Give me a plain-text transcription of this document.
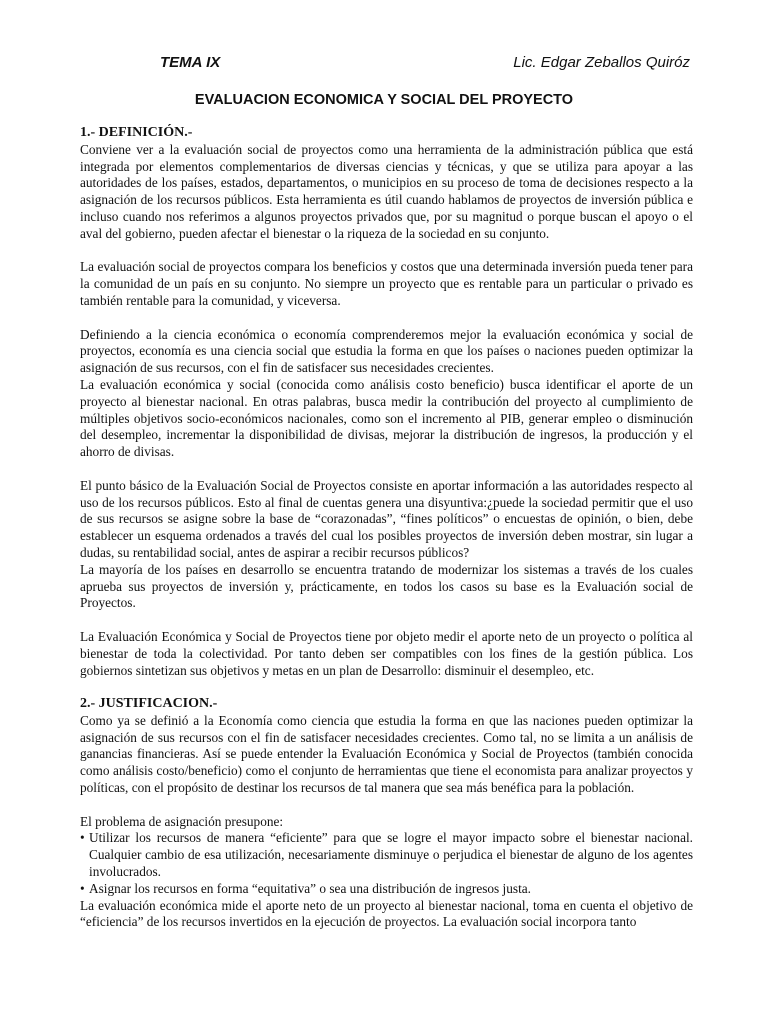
TEMA IX	Lic. Edgar Zeballos Quiróz
EVALUACION ECONOMICA Y SOCIAL DEL PROYECTO

1.- DEFINICIÓN.-

Conviene ver a la evaluación social de proyectos como una herramienta de la administración pública que está integrada por elementos complementarios de diversas ciencias y técnicas, y que se utiliza para apoyar a las autoridades de los países, estados, departamentos, o municipios en su proceso de toma de decisiones respecto a la asignación de los recursos públicos. Esta herramienta es útil cuando hablamos de proyectos de inversión pública e incluso cuando nos referimos a algunos proyectos privados que, por su magnitud o porque buscan el apoyo o el aval del gobierno, pueden afectar el bienestar o la riqueza de la sociedad en su conjunto.

La evaluación social de proyectos compara los beneficios y costos que una determinada inversión pueda tener para la comunidad de un país en su conjunto. No siempre un proyecto que es rentable para un particular o privado es también rentable para la comunidad, y viceversa.

Definiendo a la ciencia económica o economía comprenderemos mejor la evaluación económica y social de proyectos, economía es una ciencia social que estudia la forma en que los países o naciones pueden optimizar la asignación de sus recursos, con el fin de satisfacer sus necesidades crecientes.

La evaluación económica y social (conocida como análisis costo beneficio) busca identificar el aporte de un proyecto al bienestar nacional. En otras palabras, busca medir la contribución del proyecto al cumplimiento de múltiples objetivos socio-económicos nacionales, como son el incremento al PIB, generar empleo o disminución del desempleo, incrementar la disponibilidad de divisas, mejorar la distribución de ingresos, la producción y el ahorro de divisas.

El punto básico de la Evaluación Social de Proyectos consiste en aportar información a las autoridades respecto al uso de los recursos públicos. Esto al final de cuentas genera una disyuntiva:¿puede la sociedad permitir que el uso de sus recursos se asigne sobre la base de “corazonadas”, “fines políticos” o encuestas de opinión, o bien, debe establecer un esquema ordenados a través del cual los posibles proyectos de inversión deben mostrar, sin lugar a dudas, su rentabilidad social, antes de aspirar a recibir recursos públicos?

La mayoría de los países en desarrollo se encuentra tratando de modernizar los sistemas a través de los cuales aprueba sus proyectos de inversión y, prácticamente, en todos los casos su base es la Evaluación social de Proyectos.

La Evaluación Económica y Social de Proyectos tiene por objeto medir el aporte neto de un proyecto o política al bienestar de toda la colectividad. Por tanto deben ser compatibles con los fines de la gestión pública. Los gobiernos sintetizan sus objetivos y metas en un plan de Desarrollo: disminuir el desempleo, etc.

2.- JUSTIFICACION.-

Como ya se definió a la Economía como ciencia que estudia la forma en que las naciones pueden optimizar la asignación de sus recursos con el fin de satisfacer necesidades crecientes. Como tal, no se limita a un análisis de ganancias financieras. Así se puede entender la Evaluación Económica y Social de Proyectos (también conocida como análisis costo/beneficio) como el conjunto de herramientas que tiene el economista para analizar proyectos y políticas, con el propósito de destinar los recursos de tal manera que sea más benéfica para la población.

El problema de asignación presupone:

• Utilizar los recursos de manera “eficiente” para que se logre el mayor impacto sobre el bienestar nacional. Cualquier cambio de esa utilización, necesariamente disminuye o perjudica el bienestar de alguno de los agentes involucrados.
• Asignar los recursos en forma “equitativa” o sea una distribución de ingresos justa.

La evaluación económica mide el aporte neto de un proyecto al bienestar nacional, toma en cuenta el objetivo de “eficiencia” de los recursos invertidos en la ejecución de proyectos. La evaluación social incorpora tanto
